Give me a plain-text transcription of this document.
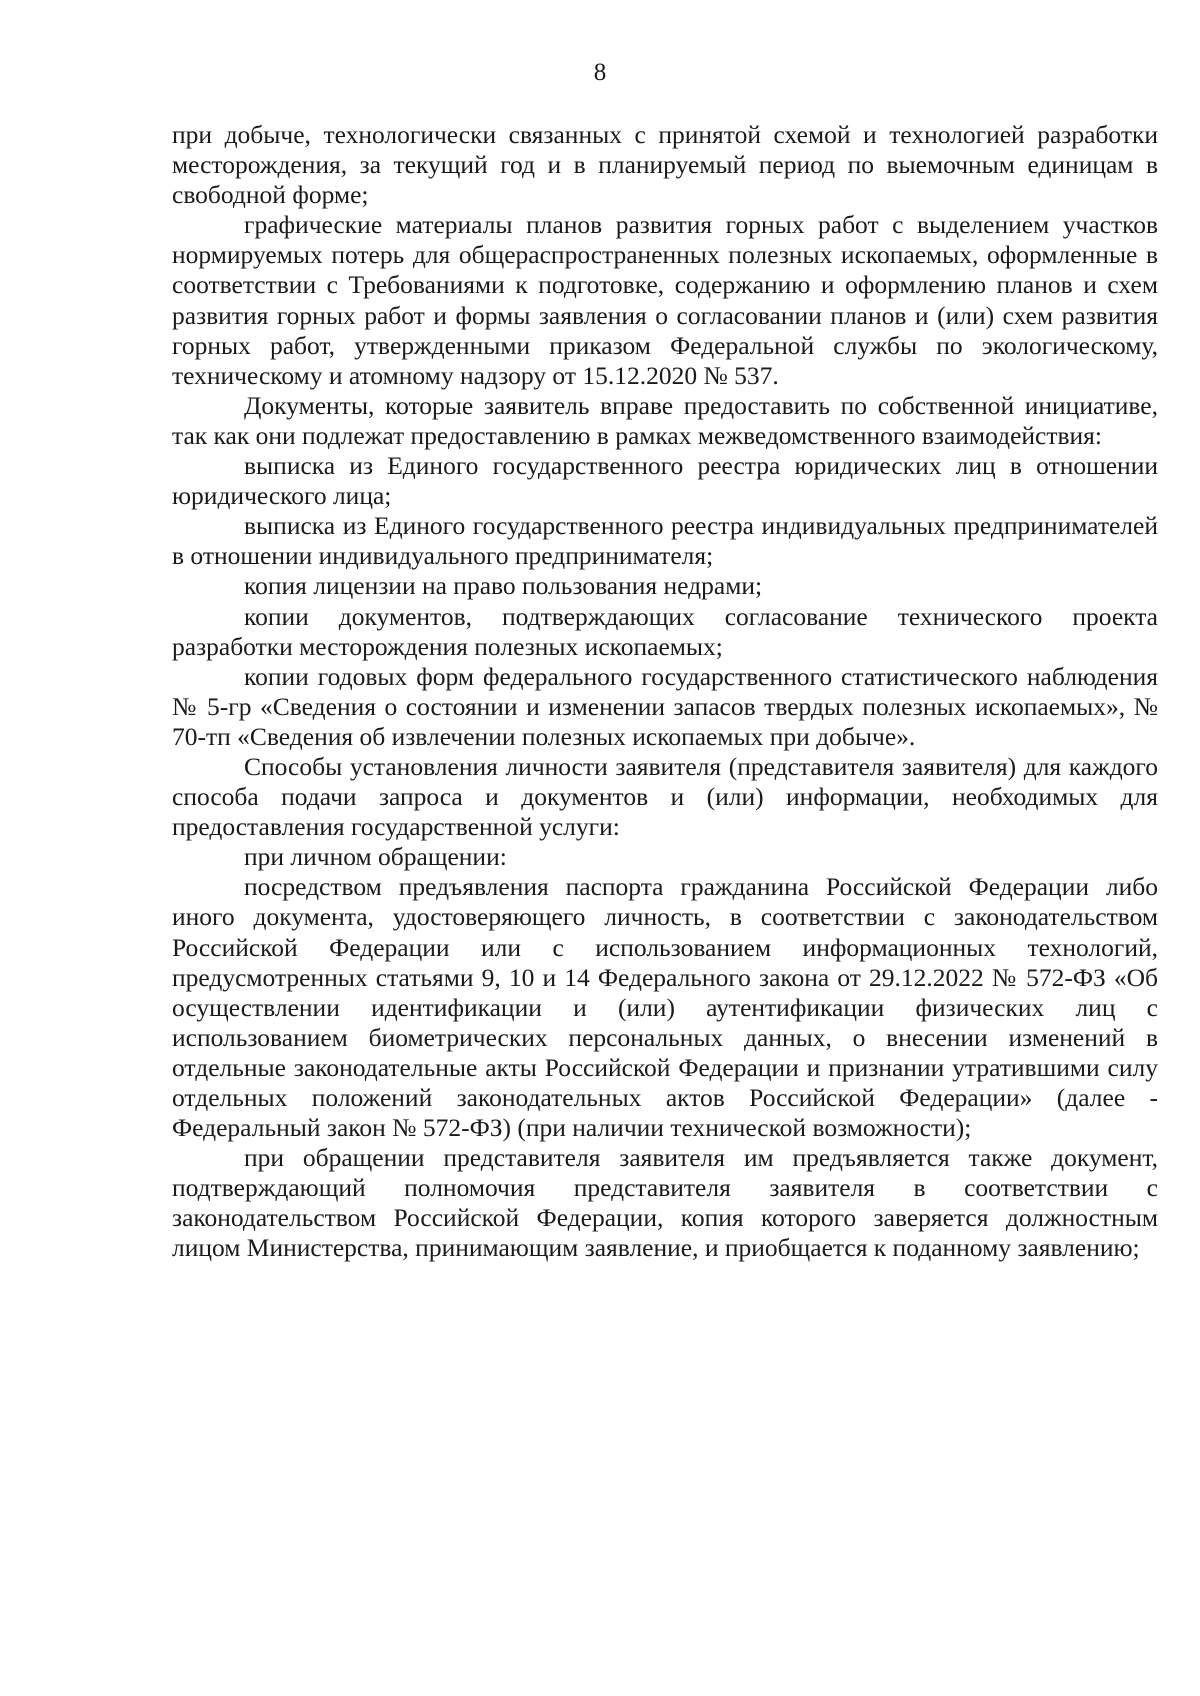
8

при добыче, технологически связанных с принятой схемой и технологией разработки месторождения, за текущий год и в планируемый период по выемочным единицам в свободной форме;

графические материалы планов развития горных работ с выделением участков нормируемых потерь для общераспространенных полезных ископаемых, оформленные в соответствии с Требованиями к подготовке, содержанию и оформлению планов и схем развития горных работ и формы заявления о согласовании планов и (или) схем развития горных работ, утвержденными приказом Федеральной службы по экологическому, техническому и атомному надзору от 15.12.2020 № 537.

Документы, которые заявитель вправе предоставить по собственной инициативе, так как они подлежат предоставлению в рамках межведомственного взаимодействия:

выписка из Единого государственного реестра юридических лиц в отношении юридического лица;

выписка из Единого государственного реестра индивидуальных предпринимателей в отношении индивидуального предпринимателя;

копия лицензии на право пользования недрами;

копии документов, подтверждающих согласование технического проекта разработки месторождения полезных ископаемых;

копии годовых форм федерального государственного статистического наблюдения № 5-гр «Сведения о состоянии и изменении запасов твердых полезных ископаемых», № 70-тп «Сведения об извлечении полезных ископаемых при добыче».

Способы установления личности заявителя (представителя заявителя) для каждого способа подачи запроса и документов и (или) информации, необходимых для предоставления государственной услуги:

при личном обращении:

посредством предъявления паспорта гражданина Российской Федерации либо иного документа, удостоверяющего личность, в соответствии с законодательством Российской Федерации или с использованием информационных технологий, предусмотренных статьями 9, 10 и 14 Федерального закона от 29.12.2022 № 572-ФЗ «Об осуществлении идентификации и (или) аутентификации физических лиц с использованием биометрических персональных данных, о внесении изменений в отдельные законодательные акты Российской Федерации и признании утратившими силу отдельных положений законодательных актов Российской Федерации» (далее - Федеральный закон № 572-ФЗ) (при наличии технической возможности);

при обращении представителя заявителя им предъявляется также документ, подтверждающий полномочия представителя заявителя в соответствии с законодательством Российской Федерации, копия которого заверяется должностным лицом Министерства, принимающим заявление, и приобщается к поданному заявлению;
